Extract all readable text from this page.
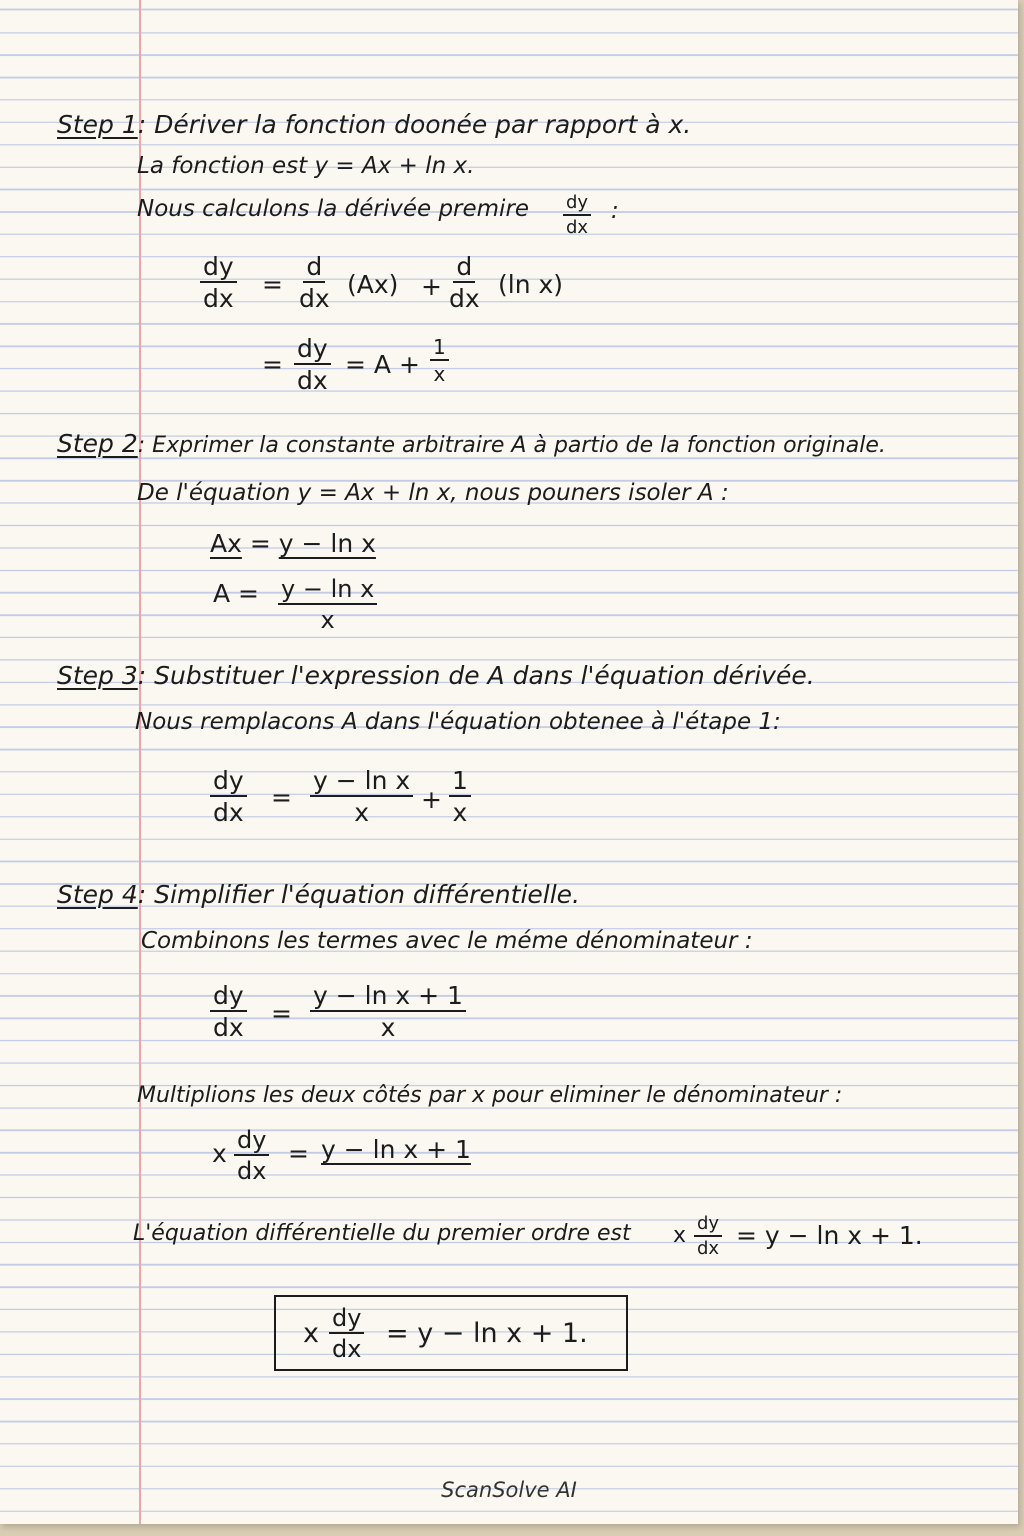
Step 1: Dériver la fonction doonée par rapport à x.
La fonction est y = Ax + ln x.
Nous calculons la dérivée premire $\frac{dy}{dx}$ :
$\frac{dy}{dx} = \frac{d}{dx} (Ax) + \frac{d}{dx} (\ln$ x)
= $\frac{dy}{dx} = A + \frac{1}{x}$
Step 2: Exprimer la constante arbitraire A à partio de la fonction originale.
De l'équation y = Ax + ln x, nous pouners isoler A :
Ax = y − ln x
$A = \frac{\text{y − ln x}}{x}$
Step 3: Substituer l'expression de A dans l'équation dérivée.
Nous remplacons A dans l'équation obtenee à l'étape 1:
$\frac{dy}{dx} = \frac{\text{y − ln x}}{x} + \frac{1}{x}$
Step 4: Simplifier l'équation différentielle.
Combinons les termes avec le méme dénominateur :
$\frac{dy}{dx} = \frac{\text{y − ln x + 1}}{x}$
Multiplions les deux côtés par x pour eliminer le dénominateur :
x $\frac{dy}{dx} = y - \ln x + 1$
L'équation différentielle du premier ordre est x $\frac{dy}{dx} = y - \ln x + 1$.
x $\frac{dy}{dx} = y - \ln x + 1$.
ScanSolve AI
